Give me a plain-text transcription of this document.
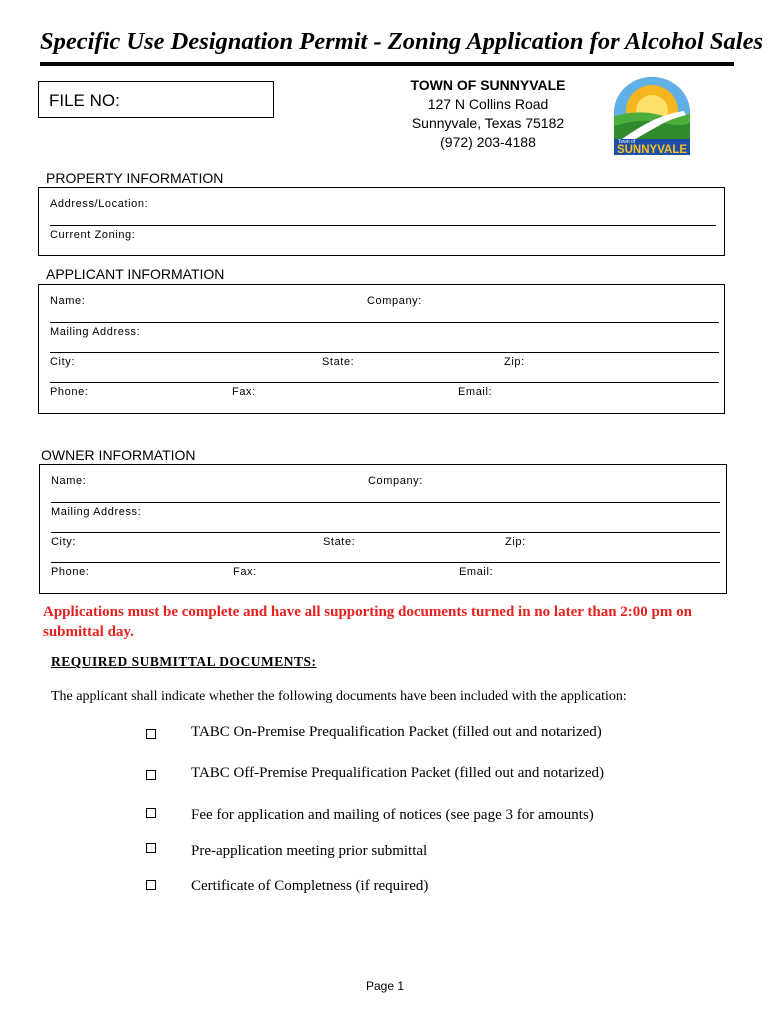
Specific Use Designation Permit - Zoning Application for Alcohol Sales
FILE NO:
TOWN OF SUNNYVALE
127 N Collins Road
Sunnyvale, Texas 75182
(972) 203-4188	Town of
SUNNYVALE
PROPERTY INFORMATION
Address/Location:
Current Zoning:
APPLICANT INFORMATION
Name:	Company:
Mailing Address:
City:	State:	Zip:
Phone:	Fax:	Email:
OWNER INFORMATION
Name:	Company:
Mailing Address:
City:	State:	Zip:
Phone:	Fax:	Email:
Applications must be complete and have all supporting documents turned in no later than 2:00 pm on submittal day.
REQUIRED SUBMITTAL DOCUMENTS:
The applicant shall indicate whether the following documents have been included with the application:
TABC On-Premise Prequalification Packet (filled out and notarized)
TABC Off-Premise Prequalification Packet (filled out and notarized)
Fee for application and mailing of notices (see page 3 for amounts)
Pre-application meeting prior submittal
Certificate of Completness (if required)
Page 1
